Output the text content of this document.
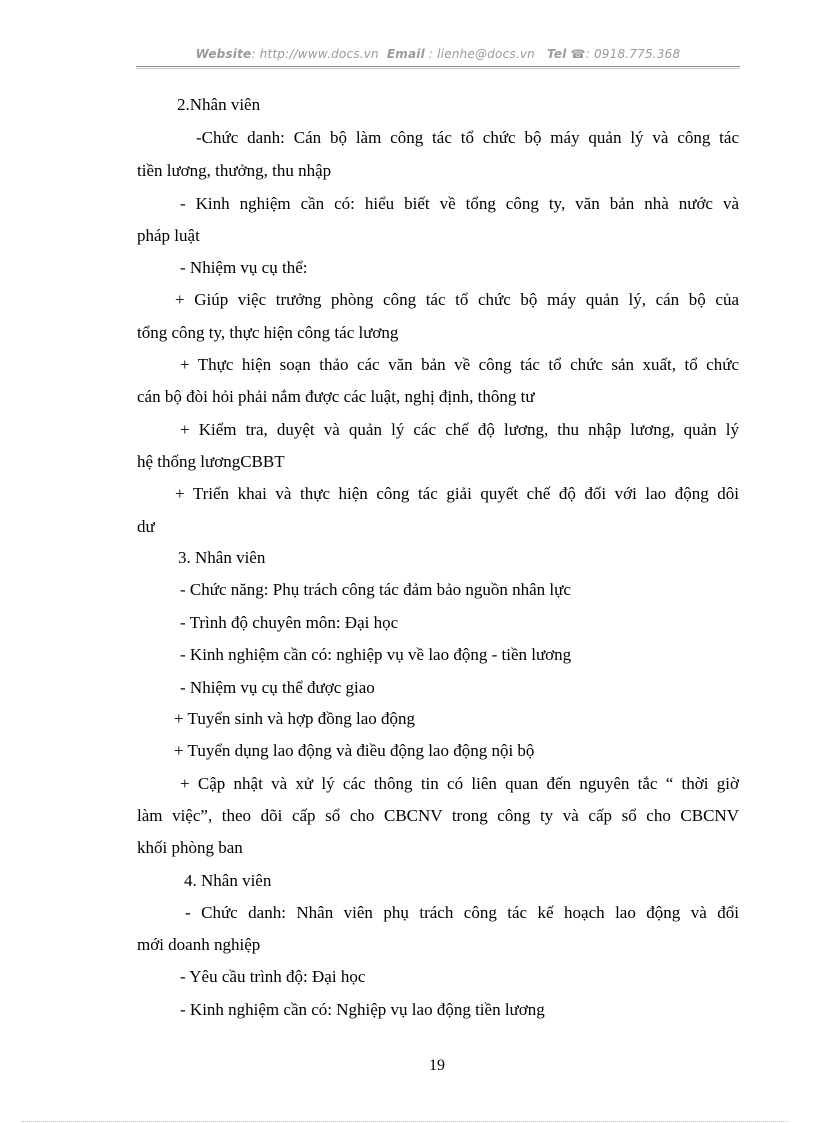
Website: http://www.docs.vn Email : lienhe@docs.vn Tel ☎: 0918.775.368
2.Nhân viên
-Chức danh: Cán bộ làm công tác tổ chức bộ máy quản lý và công tác
tiền lương, thưởng, thu nhập
- Kinh nghiệm cần có: hiểu biết về tổng công ty, văn bản nhà nước và
pháp luật
- Nhiệm vụ cụ thể:
+ Giúp việc trưởng phòng công tác tổ chức bộ máy quản lý, cán bộ của
tổng công ty, thực hiện công tác lương
+ Thực hiện soạn thảo các văn bản về công tác tổ chức sản xuất, tổ chức
cán bộ đòi hỏi phải nắm được các luật, nghị định, thông tư
+ Kiểm tra, duyệt và quản lý các chế độ lương, thu nhập lương, quản lý
hệ thống lươngCBBT
+ Triển khai và thực hiện công tác giải quyết chế độ đối với lao động dôi
dư
3. Nhân viên
- Chức năng: Phụ trách công tác đảm bảo nguồn nhân lực
- Trình độ chuyên môn: Đại học
- Kinh nghiệm cần có: nghiệp vụ về lao động - tiền lương
- Nhiệm vụ cụ thể được giao
+ Tuyển sinh và hợp đồng lao động
+ Tuyển dụng lao động và điều động lao động nội bộ
+ Cập nhật và xử lý các thông tin có liên quan đến nguyên tắc “ thời giờ
làm việc”, theo dõi cấp sổ cho CBCNV trong công ty và cấp sổ cho CBCNV
khối phòng ban
4. Nhân viên
- Chức danh: Nhân viên phụ trách công tác kế hoạch lao động và đổi
mới doanh nghiệp
- Yêu cầu trình độ: Đại học
- Kinh nghiệm cần có: Nghiệp vụ lao động tiền lương
19
